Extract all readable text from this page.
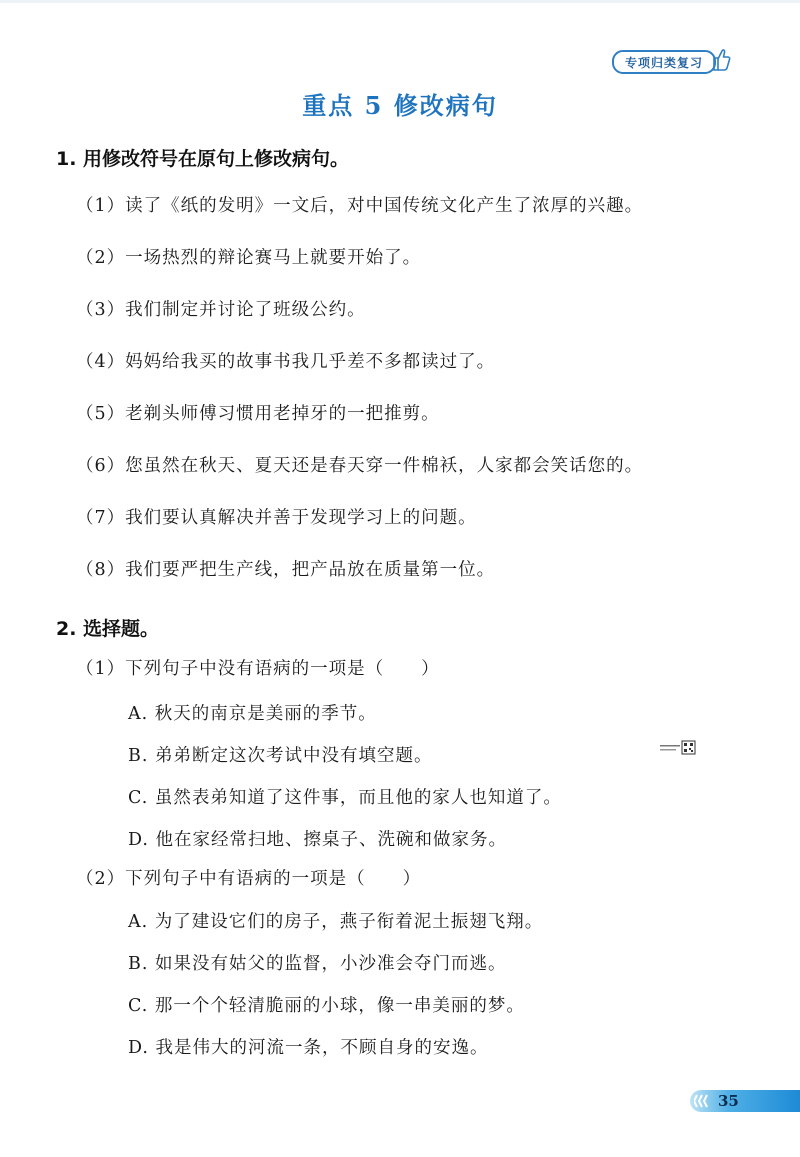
专项归类复习
重点 5 修改病句
1. 用修改符号在原句上修改病句。
（1）读了《纸的发明》一文后，对中国传统文化产生了浓厚的兴趣。
（2）一场热烈的辩论赛马上就要开始了。
（3）我们制定并讨论了班级公约。
（4）妈妈给我买的故事书我几乎差不多都读过了。
（5）老剃头师傅习惯用老掉牙的一把推剪。
（6）您虽然在秋天、夏天还是春天穿一件棉袄，人家都会笑话您的。
（7）我们要认真解决并善于发现学习上的问题。
（8）我们要严把生产线，把产品放在质量第一位。
2. 选择题。
（1）下列句子中没有语病的一项是（　　）
A. 秋天的南京是美丽的季节。
B. 弟弟断定这次考试中没有填空题。
C. 虽然表弟知道了这件事，而且他的家人也知道了。
D. 他在家经常扫地、擦桌子、洗碗和做家务。
（2）下列句子中有语病的一项是（　　）
A. 为了建设它们的房子，燕子衔着泥土振翅飞翔。
B. 如果没有姑父的监督，小沙准会夺门而逃。
C. 那一个个轻清脆丽的小球，像一串美丽的梦。
D. 我是伟大的河流一条，不顾自身的安逸。
35
